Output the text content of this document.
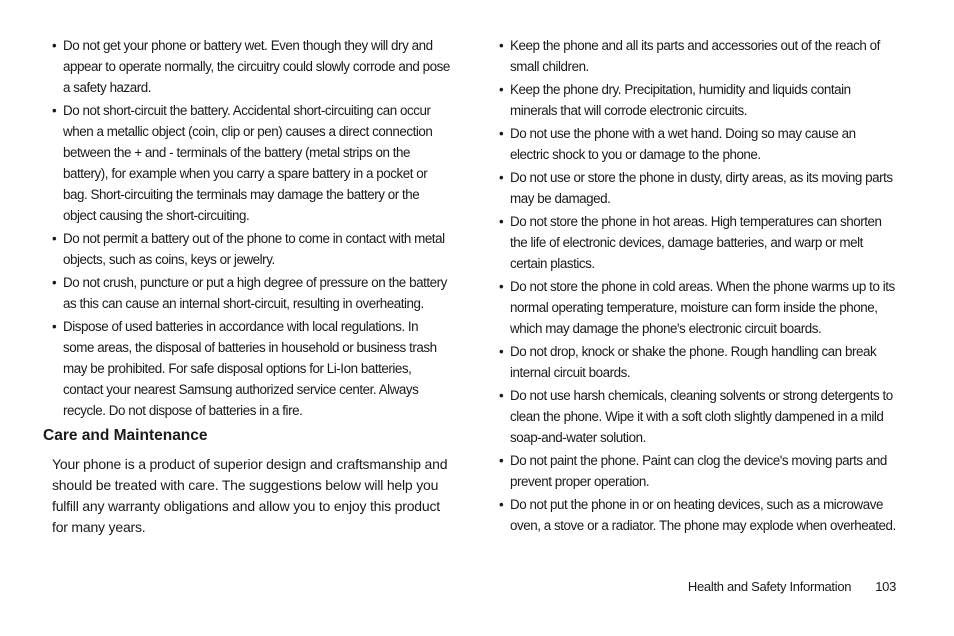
• Do not get your phone or battery wet. Even though they will dry and appear to operate normally, the circuitry could slowly corrode and pose a safety hazard.
• Do not short-circuit the battery. Accidental short-circuiting can occur when a metallic object (coin, clip or pen) causes a direct connection between the + and - terminals of the battery (metal strips on the battery), for example when you carry a spare battery in a pocket or bag. Short-circuiting the terminals may damage the battery or the object causing the short-circuiting.
• Do not permit a battery out of the phone to come in contact with metal objects, such as coins, keys or jewelry.
• Do not crush, puncture or put a high degree of pressure on the battery as this can cause an internal short-circuit, resulting in overheating.
• Dispose of used batteries in accordance with local regulations. In some areas, the disposal of batteries in household or business trash may be prohibited. For safe disposal options for Li-Ion batteries, contact your nearest Samsung authorized service center. Always recycle. Do not dispose of batteries in a fire.
Care and Maintenance

Your phone is a product of superior design and craftsmanship and should be treated with care. The suggestions below will help you fulfill any warranty obligations and allow you to enjoy this product for many years.

• Keep the phone and all its parts and accessories out of the reach of small children.
• Keep the phone dry. Precipitation, humidity and liquids contain minerals that will corrode electronic circuits.
• Do not use the phone with a wet hand. Doing so may cause an electric shock to you or damage to the phone.
• Do not use or store the phone in dusty, dirty areas, as its moving parts may be damaged.
• Do not store the phone in hot areas. High temperatures can shorten the life of electronic devices, damage batteries, and warp or melt certain plastics.
• Do not store the phone in cold areas. When the phone warms up to its normal operating temperature, moisture can form inside the phone, which may damage the phone's electronic circuit boards.
• Do not drop, knock or shake the phone. Rough handling can break internal circuit boards.
• Do not use harsh chemicals, cleaning solvents or strong detergents to clean the phone. Wipe it with a soft cloth slightly dampened in a mild soap-and-water solution.
• Do not paint the phone. Paint can clog the device's moving parts and prevent proper operation.
• Do not put the phone in or on heating devices, such as a microwave oven, a stove or a radiator. The phone may explode when overheated.
Health and Safety Information 103
